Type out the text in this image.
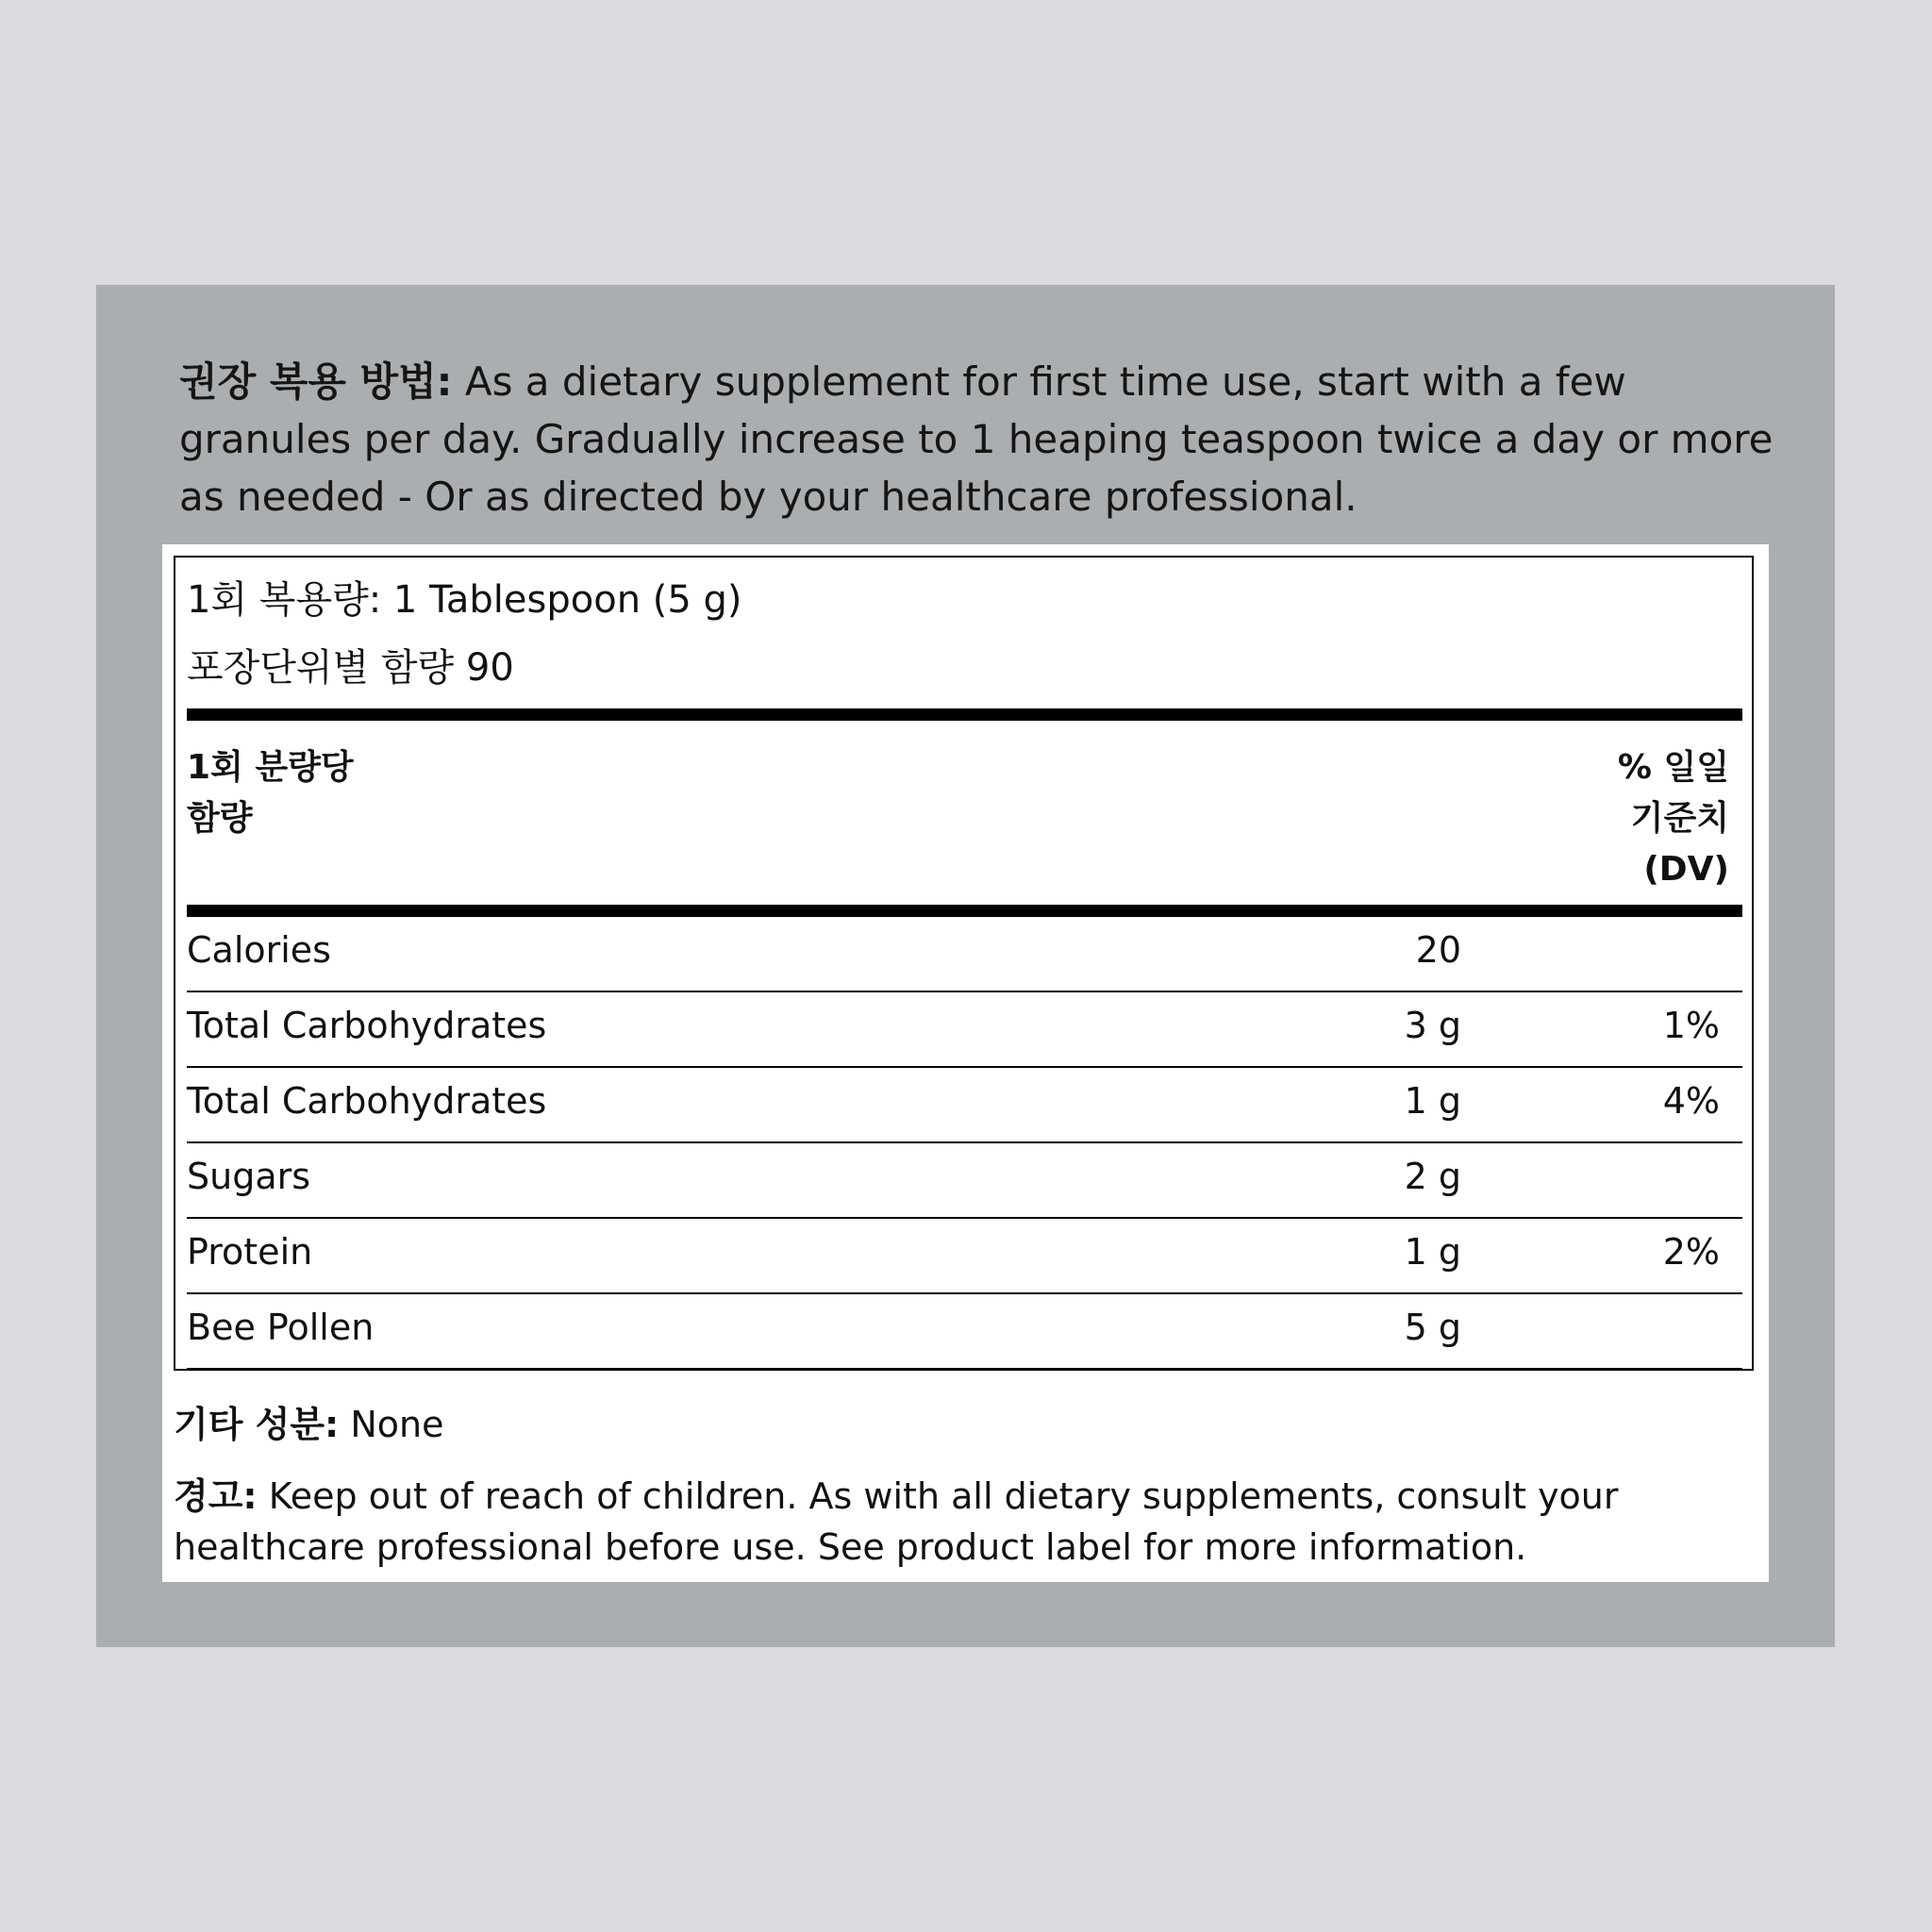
권장 복용 방법: As a dietary supplement for first time use, start with a few granules per day. Gradually increase to 1 heaping teaspoon twice a day or more as needed - Or as directed by your healthcare professional.
1회 복용량: 1 Tablespoon (5 g)
포장단위별 함량 90
1회 분량당
함량
% 일일
기준치
(DV)
Calories	20
Total Carbohydrates	3 g	1%
Total Carbohydrates	1 g	4%
Sugars	2 g
Protein	1 g	2%
Bee Pollen	5 g
기타 성분: None
경고: Keep out of reach of children. As with all dietary supplements, consult your healthcare professional before use. See product label for more information.
